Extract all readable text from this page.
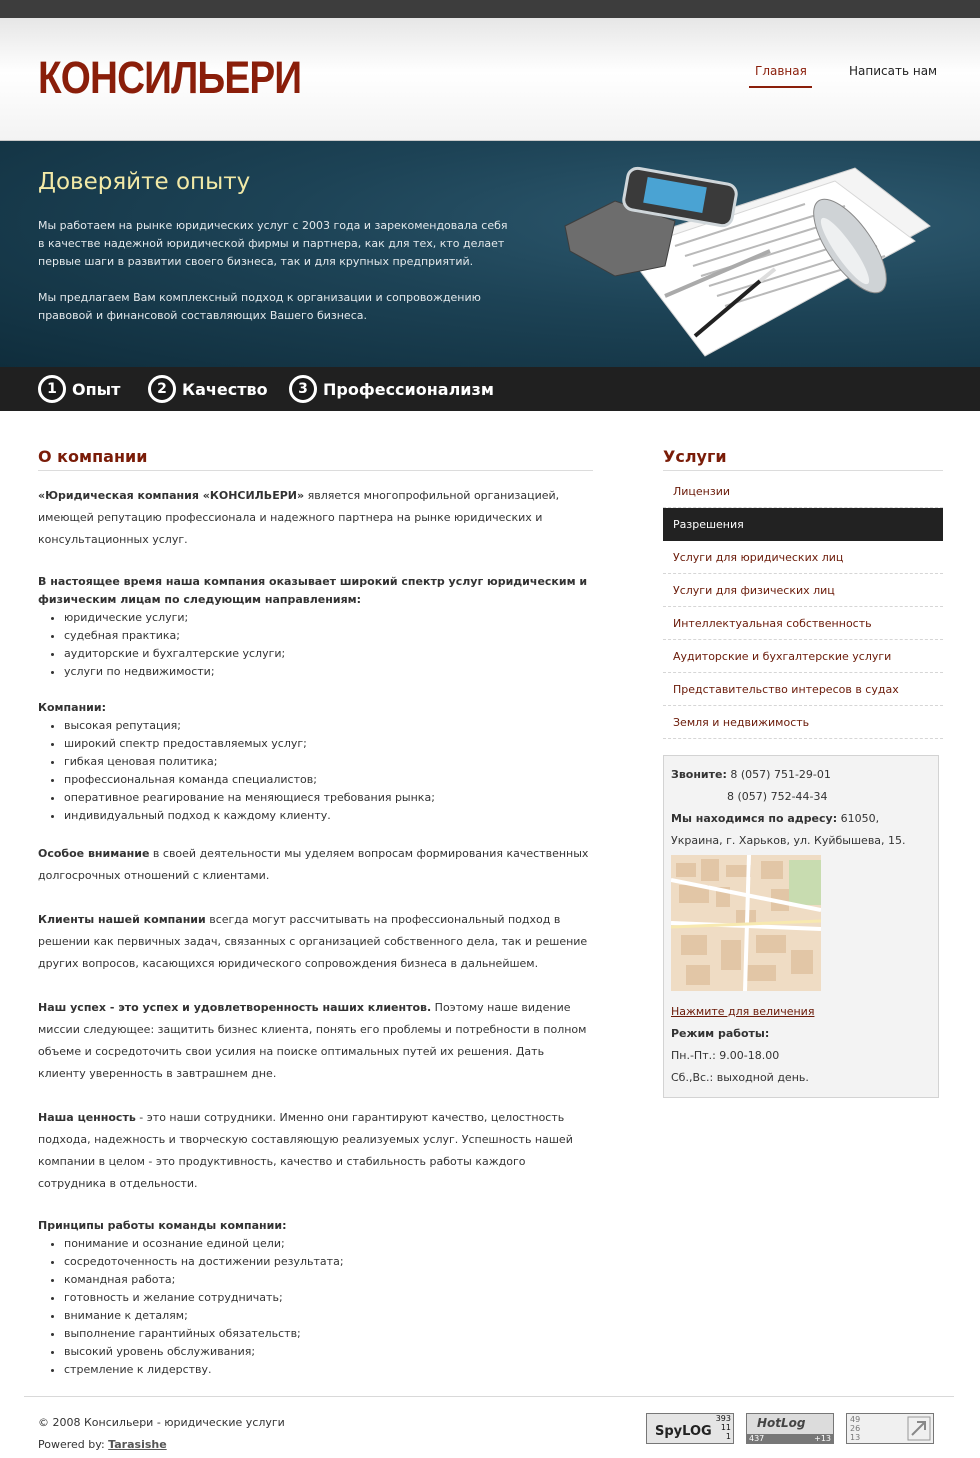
КОНСИЛЬЕРИ	Главная	Написать нам
Доверяйте опыту
Мы работаем на рынке юридических услуг с 2003 года и зарекомендовала себя в качестве надежной юридической фирмы и партнера, как для тех, кто делает первые шаги в развитии своего бизнеса, так и для крупных предприятий.
Мы предлагаем Вам комплексный подход к организации и сопровождению правовой и финансовой составляющих Вашего бизнеса.
1 Опыт	2 Качество	3 Профессионализм
О компании

«Юридическая компания «КОНСИЛЬЕРИ» является многопрофильной организацией, имеющей репутацию профессионала и надежного партнера на рынке юридических и консультационных услуг.

В настоящее время наша компания оказывает широкий спектр услуг юридическим и физическим лицам по следующим направлениям:
• юридические услуги;
• судебная практика;
• аудиторские и бухгалтерские услуги;
• услуги по недвижимости;
Компании:
• высокая репутация;
• широкий спектр предоставляемых услуг;
• гибкая ценовая политика;
• профессиональная команда специалистов;
• оперативное реагирование на меняющиеся требования рынка;
• индивидуальный подход к каждому клиенту.

Особое внимание в своей деятельности мы уделяем вопросам формирования качественных долгосрочных отношений с клиентами.

Клиенты нашей компании всегда могут рассчитывать на профессиональный подход в решении как первичных задач, связанных с организацией собственного дела, так и решение других вопросов, касающихся юридического сопровождения бизнеса в дальнейшем.

Наш успех - это успех и удовлетворенность наших клиентов. Поэтому наше видение миссии следующее: защитить бизнес клиента, понять его проблемы и потребности в полном объеме и сосредоточить свои усилия на поиске оптимальных путей их решения. Дать клиенту уверенность в завтрашнем дне.

Наша ценность - это наши сотрудники. Именно они гарантируют качество, целостность подхода, надежность и творческую составляющую реализуемых услуг. Успешность нашей компании в целом - это продуктивность, качество и стабильность работы каждого сотрудника в отдельности.

Принципы работы команды компании:
• понимание и осознание единой цели;
• сосредоточенность на достижении результата;
• командная работа;
• готовность и желание сотрудничать;
• внимание к деталям;
• выполнение гарантийных обязательств;
• высокий уровень обслуживания;
• стремление к лидерству.
Услуги
Лицензии
Разрешения
Услуги для юридических лиц
Услуги для физических лиц
Интеллектуальная собственность
Аудиторские и бухгалтерские услуги
Представительство интересов в судах
Земля и недвижимость
Звоните: 8 (057) 751-29-01
8 (057) 752-44-34
Мы находимся по адресу: 61050, Украина, г. Харьков, ул. Куйбышева, 15.
Нажмите для величения
Режим работы:
Пн.-Пт.: 9.00-18.00
Сб.,Вс.: выходной день.
© 2008 Консильери - юридические услуги
Powered by: Tarasishe
SpyLOG
393
11
1
HotLog
437	+13
49
26
13
